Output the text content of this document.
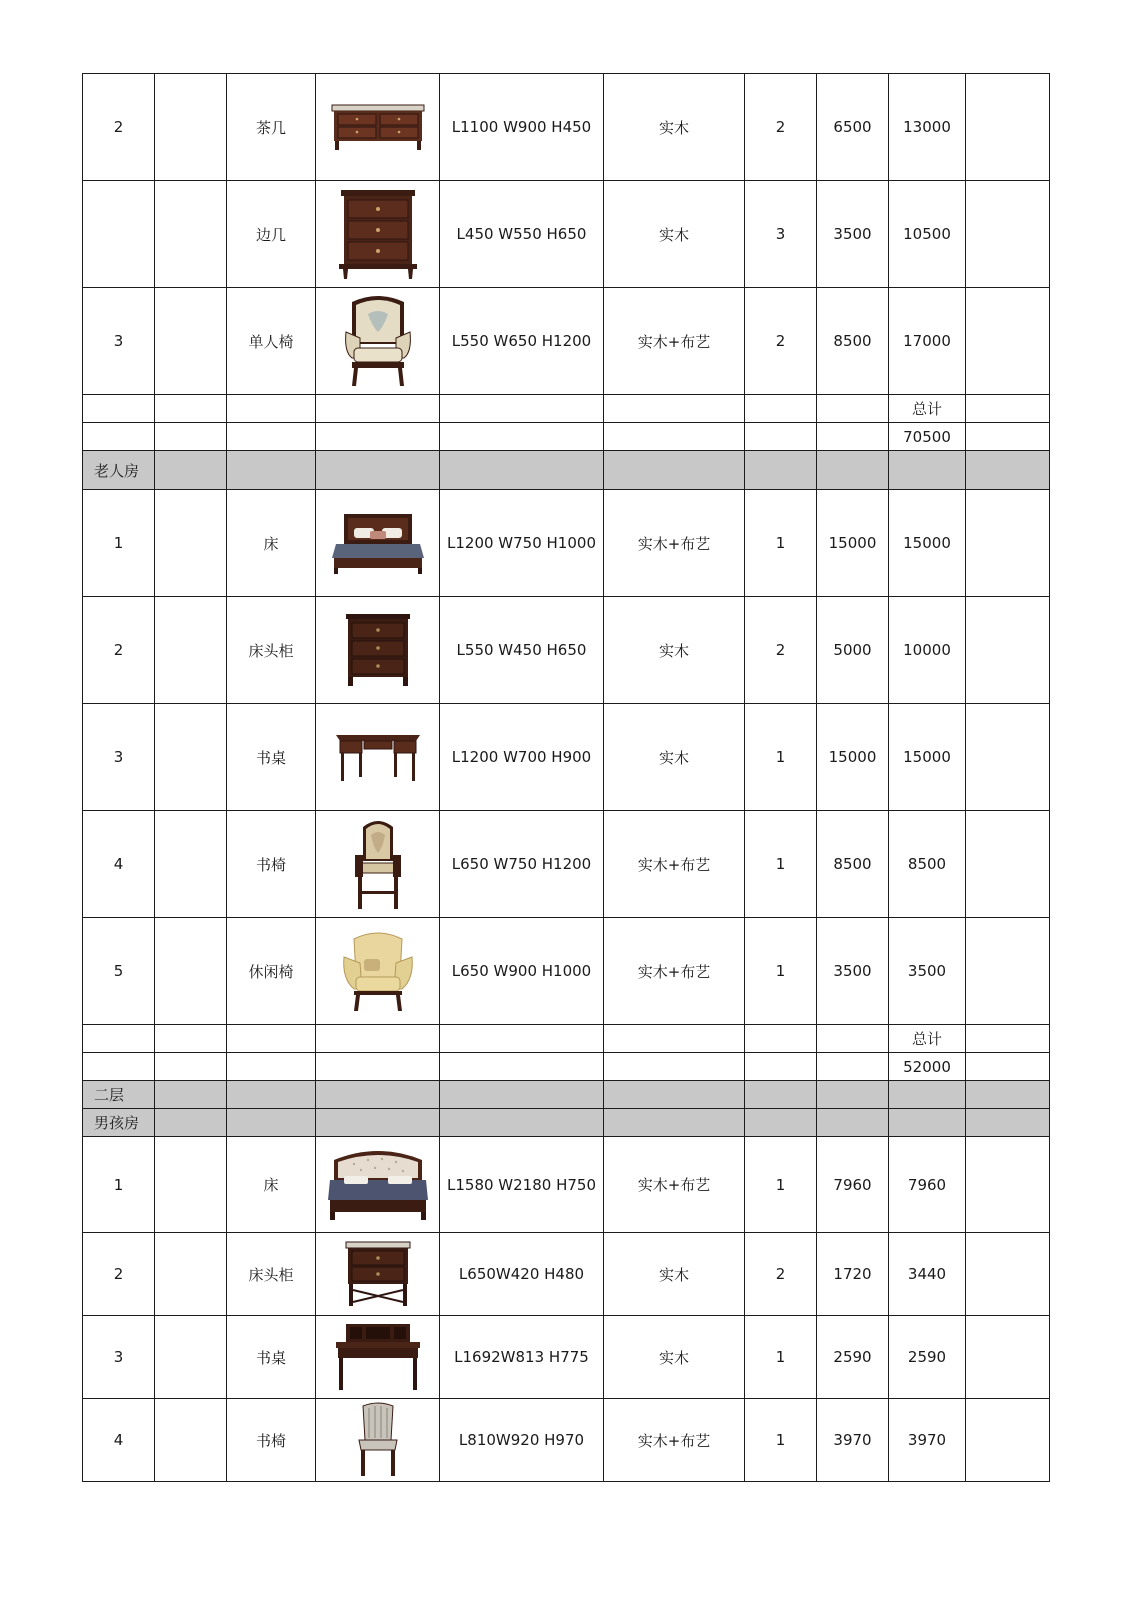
2		茶几		L1100 W900 H450	实木	2	6500	13000	
		边几		L450 W550 H650	实木	3	3500	10500	
3		单人椅		L550 W650 H1200	实木+布艺	2	8500	17000	
								总计	
								70500	
老人房									
1		床		L1200 W750 H1000	实木+布艺	1	15000	15000	
2		床头柜		L550 W450 H650	实木	2	5000	10000	
3		书桌		L1200 W700 H900	实木	1	15000	15000	
4		书椅		L650 W750 H1200	实木+布艺	1	8500	8500	
5		休闲椅		L650 W900 H1000	实木+布艺	1	3500	3500	
								总计	
								52000	
二层									
男孩房									
1		床		L1580 W2180 H750	实木+布艺	1	7960	7960	
2		床头柜		L650W420 H480	实木	2	1720	3440	
3		书桌		L1692W813 H775	实木	1	2590	2590	
4		书椅		L810W920 H970	实木+布艺	1	3970	3970	
